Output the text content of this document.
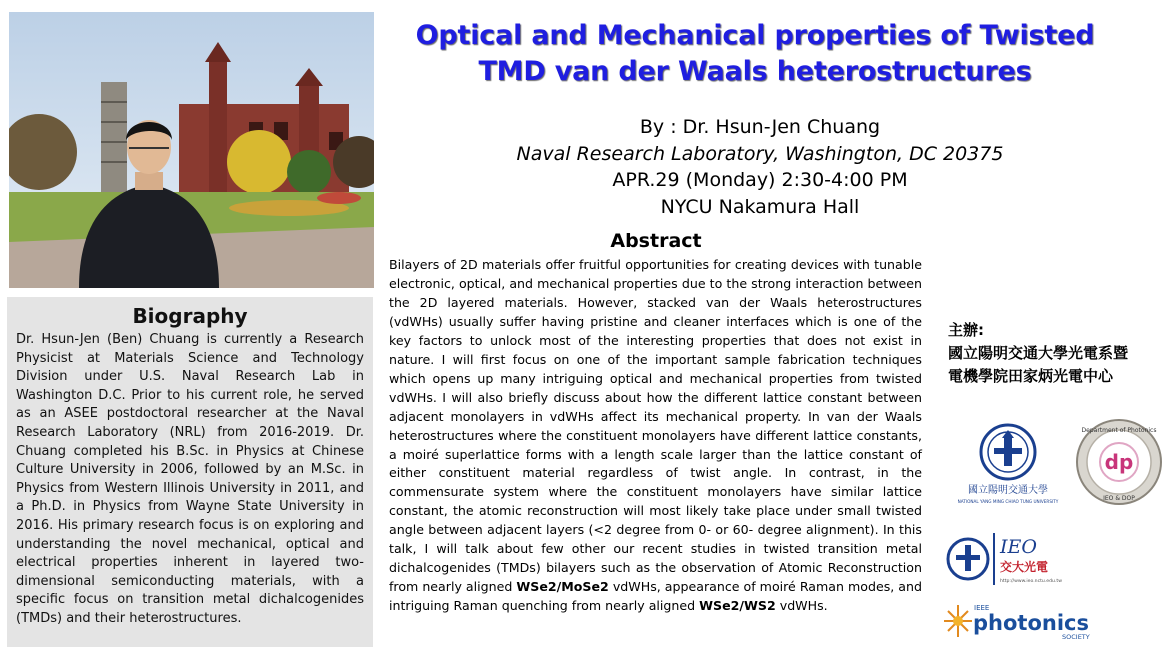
Biography

Dr. Hsun-Jen (Ben) Chuang is currently a Research Physicist at Materials Science and Technology Division under U.S. Naval Research Lab in Washington D.C. Prior to his current role, he served as an ASEE postdoctoral researcher at the Naval Research Laboratory (NRL) from 2016-2019. Dr. Chuang completed his B.Sc. in Physics at Chinese Culture University in 2006, followed by an M.Sc. in Physics from Western Illinois University in 2011, and a Ph.D. in Physics from Wayne State University in 2016. His primary research focus is on exploring and understanding the novel mechanical, optical and electrical properties inherent in layered two-dimensional semiconducting materials, with a specific focus on transition metal dichalcogenides (TMDs) and their heterostructures.

Optical and Mechanical properties of Twisted
TMD van der Waals heterostructures
By : Dr. Hsun-Jen Chuang
Naval Research Laboratory, Washington, DC 20375
APR.29 (Monday) 2:30-4:00 PM
NYCU Nakamura Hall
Abstract

Bilayers of 2D materials offer fruitful opportunities for creating devices with tunable electronic, optical, and mechanical properties due to the strong interaction between the 2D layered materials. However, stacked van der Waals heterostructures (vdWHs) usually suffer having pristine and cleaner interfaces which is one of the key factors to unlock most of the interesting properties that does not exist in nature. I will first focus on one of the important sample fabrication techniques which opens up many intriguing optical and mechanical properties from twisted vdWHs. I will also briefly discuss about how the different lattice constant between adjacent monolayers in vdWHs affect its mechanical property. In van der Waals heterostructures where the constituent monolayers have different lattice constants, a moiré superlattice forms with a length scale larger than the lattice constant of either constituent material regardless of twist angle. In contrast, in the commensurate system where the constituent monolayers have similar lattice constant, the atomic reconstruction will most likely take place under small twisted angle between adjacent layers (<2 degree from 0- or 60- degree alignment). In this talk, I will talk about few other our recent studies in twisted transition metal dichalcogenides (TMDs) bilayers such as the observation of Atomic Reconstruction from nearly aligned WSe2/MoSe2 vdWHs, appearance of moiré Raman modes, and intriguing Raman quenching from nearly aligned WSe2/WS2 vdWHs.

主辦:
國立陽明交通大學光電系暨
電機學院田家炳光電中心
國立陽明交通大學
NATIONAL YANG MING CHIAO TUNG UNIVERSITY
Department of Photonics
dp
IEO & DOP
IEO
交大光電
http://www.ieo.nctu.edu.tw
IEEE
photonics
SOCIETY
